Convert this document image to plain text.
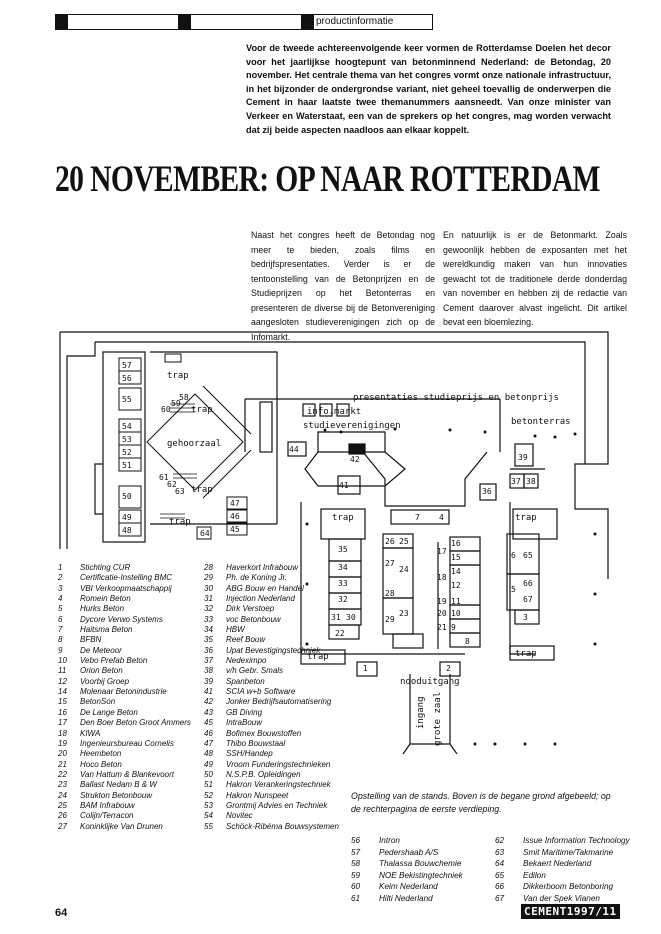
productinformatie
Voor de tweede achtereenvolgende keer vormen de Rotterdamse Doelen het decor voor het jaarlijkse hoogtepunt van betonminnend Nederland: de Betondag, 20 november. Het centrale thema van het congres vormt onze nationale infrastructuur, in het bijzonder de ondergrondse variant, niet geheel toevallig de onderwerpen die Cement in haar laatste twee themanummers aansneedt. Van onze minister van Verkeer en Waterstaat, een van de sprekers op het congres, mag worden verwacht dat zij beide aspecten naadloos aan elkaar koppelt.
20 NOVEMBER: OP NAAR ROTTERDAM
Naast het congres heeft de Betondag nog meer te bieden, zoals films en bedrijfspresentaties. Verder is er de tentoonstelling van de Betonprijzen en de Studieprijzen op het Betonterras en presenteren de diverse bij de Betonvereniging aangesloten studieverenigingen zich op de Infomarkt.
En natuurlijk is er de Betonmarkt. Zoals gewoonlijk hebben de exposanten met het wereldkundig maken van hun innovaties gewacht tot de traditionele derde donderdag van november en hebben zij de redactie van Cement daarover alvast ingelicht. Dit artikel bevat een bloemlezing.
57
56
55
54
53
52
51
50
49
48
47
46
45
64
60
59
58
61
62
63
44
41
42
36
39
37 38
7 4
35
34
33
32
31 30
22
26 25
27
24
28
29
23
16
15
17
18
14
12
19 11
20 10
21 9
8
6 65
5
66
67
3
1	2
trap
trap
trap
trap	trap	trap
trap	trap
gehoorzaal
presentaties studieprijs en betonprijs
info.markt
studieverenigingen	betonterras
nooduitgang
ingang grote zaal
1	Stichting CUR
2	Certificatie-Instelling BMC
3	VBI Verkoopmaatschappij
4	Romein Beton
5	Hurks Beton
6	Dycore Verwo Systems
7	Haitsma Beton
8	BFBN
9	De Meteoor
10	Vebo Prefab Beton
11	Orion Beton
12	Voorbij Groep
14	Molenaar Betonindustrie
15	BetonSon
16	De Lange Beton
17	Den Boer Beton Groot Ammers
18	KIWA
19	Ingenieursbureau Cornelis
20	Heembeton
21	Hoco Beton
22	Van Hattum & Blankevoort
23	Ballast Nedam B & W
24	Strukton Betonbouw
25	BAM Infrabouw
26	Colijn/Terracon
27	Koninklijke Van Drunen
28	Haverkort Infrabouw
29	Ph. de Koning Jr.
30	ABG Bouw en Handel
31	Injection Nederland
32	Dirk Verstoep
33	voc Betonbouw
34	HBW
35	Reef Bouw
36	Upat Bevestigingstechniek
37	Nedeximpo
38	v/h Gebr. Smals
39	Spanbeton
41	SCIA w+b Software
42	Jonker Bedrijfsautomatisering
43	GB Diving
45	IntraBouw
46	Bofimex Bouwstoffen
47	Thibo Bouwstaal
48	SSH/Handep
49	Vroom Funderingstechnieken
50	N.S.P.B. Opleidingen
51	Hakron Verankeringstechniek
52	Hakron Nunspeet
53	Grontmij Advies en Techniek
54	Novitec
55	Schöck-Ribéma Bouwsystemen
56	Intron
57	Pedershaab A/S
58	Thalassa Bouwchemie
59	NOE Bekistingtechniek
60	Keim Nederland
61	Hilti Nederland
62	Issue Information Technology
63	Smit Maritime/Takmarine
64	Bekaert Nederland
65	Edilon
66	Dikkerboom Betonboring
67	Van der Spek Vianen
Opstelling van de stands. Boven is de begane grond afgebeeld; op de rechterpagina de eerste verdieping.
64	CEMENT1997/11
